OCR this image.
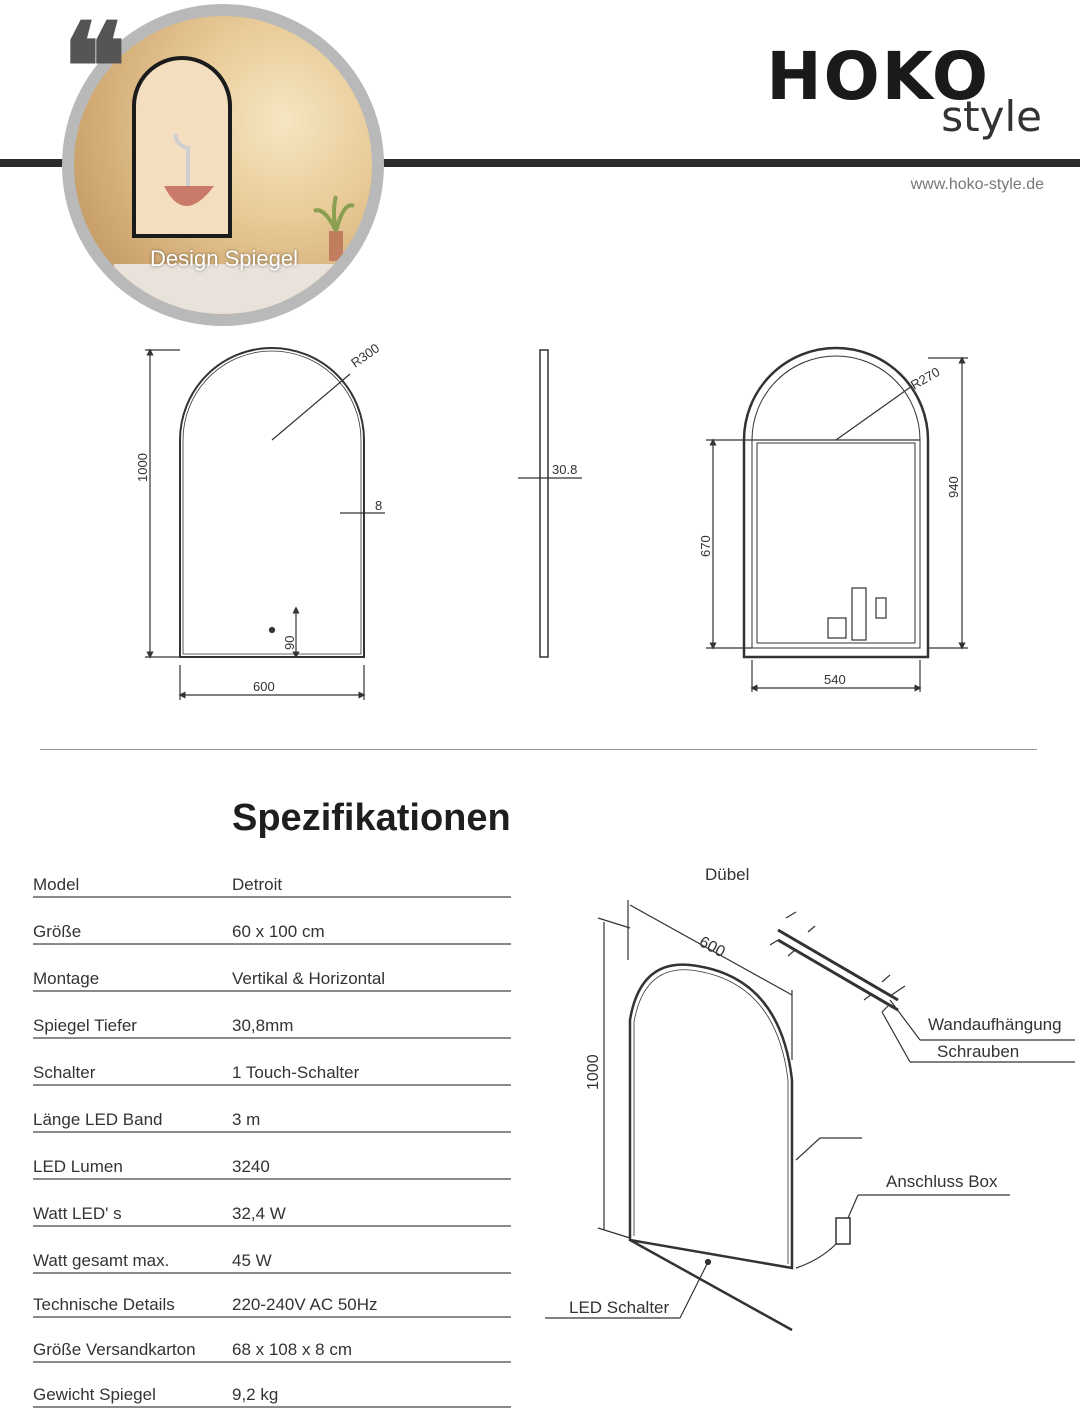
HOKO
style
www.hoko-style.de
Design Spiegel
❝
R300
1000
600
8
90
30.8
R270
940
670
540
Spezifikationen
Model	Detroit
Größe	60 x 100 cm
Montage	Vertikal & Horizontal
Spiegel Tiefer	30,8mm
Schalter	1 Touch-Schalter
Länge LED Band	3 m
LED Lumen	3240
Watt LED' s	32,4 W
Watt gesamt max.	45 W
Technische Details	220-240V AC 50Hz
Größe Versandkarton 68 x 108 x 8 cm
Gewicht Spiegel	9,2 kg
Dübel
600
1000
Wandaufhängung
Schrauben
Anschluss Box
LED Schalter
